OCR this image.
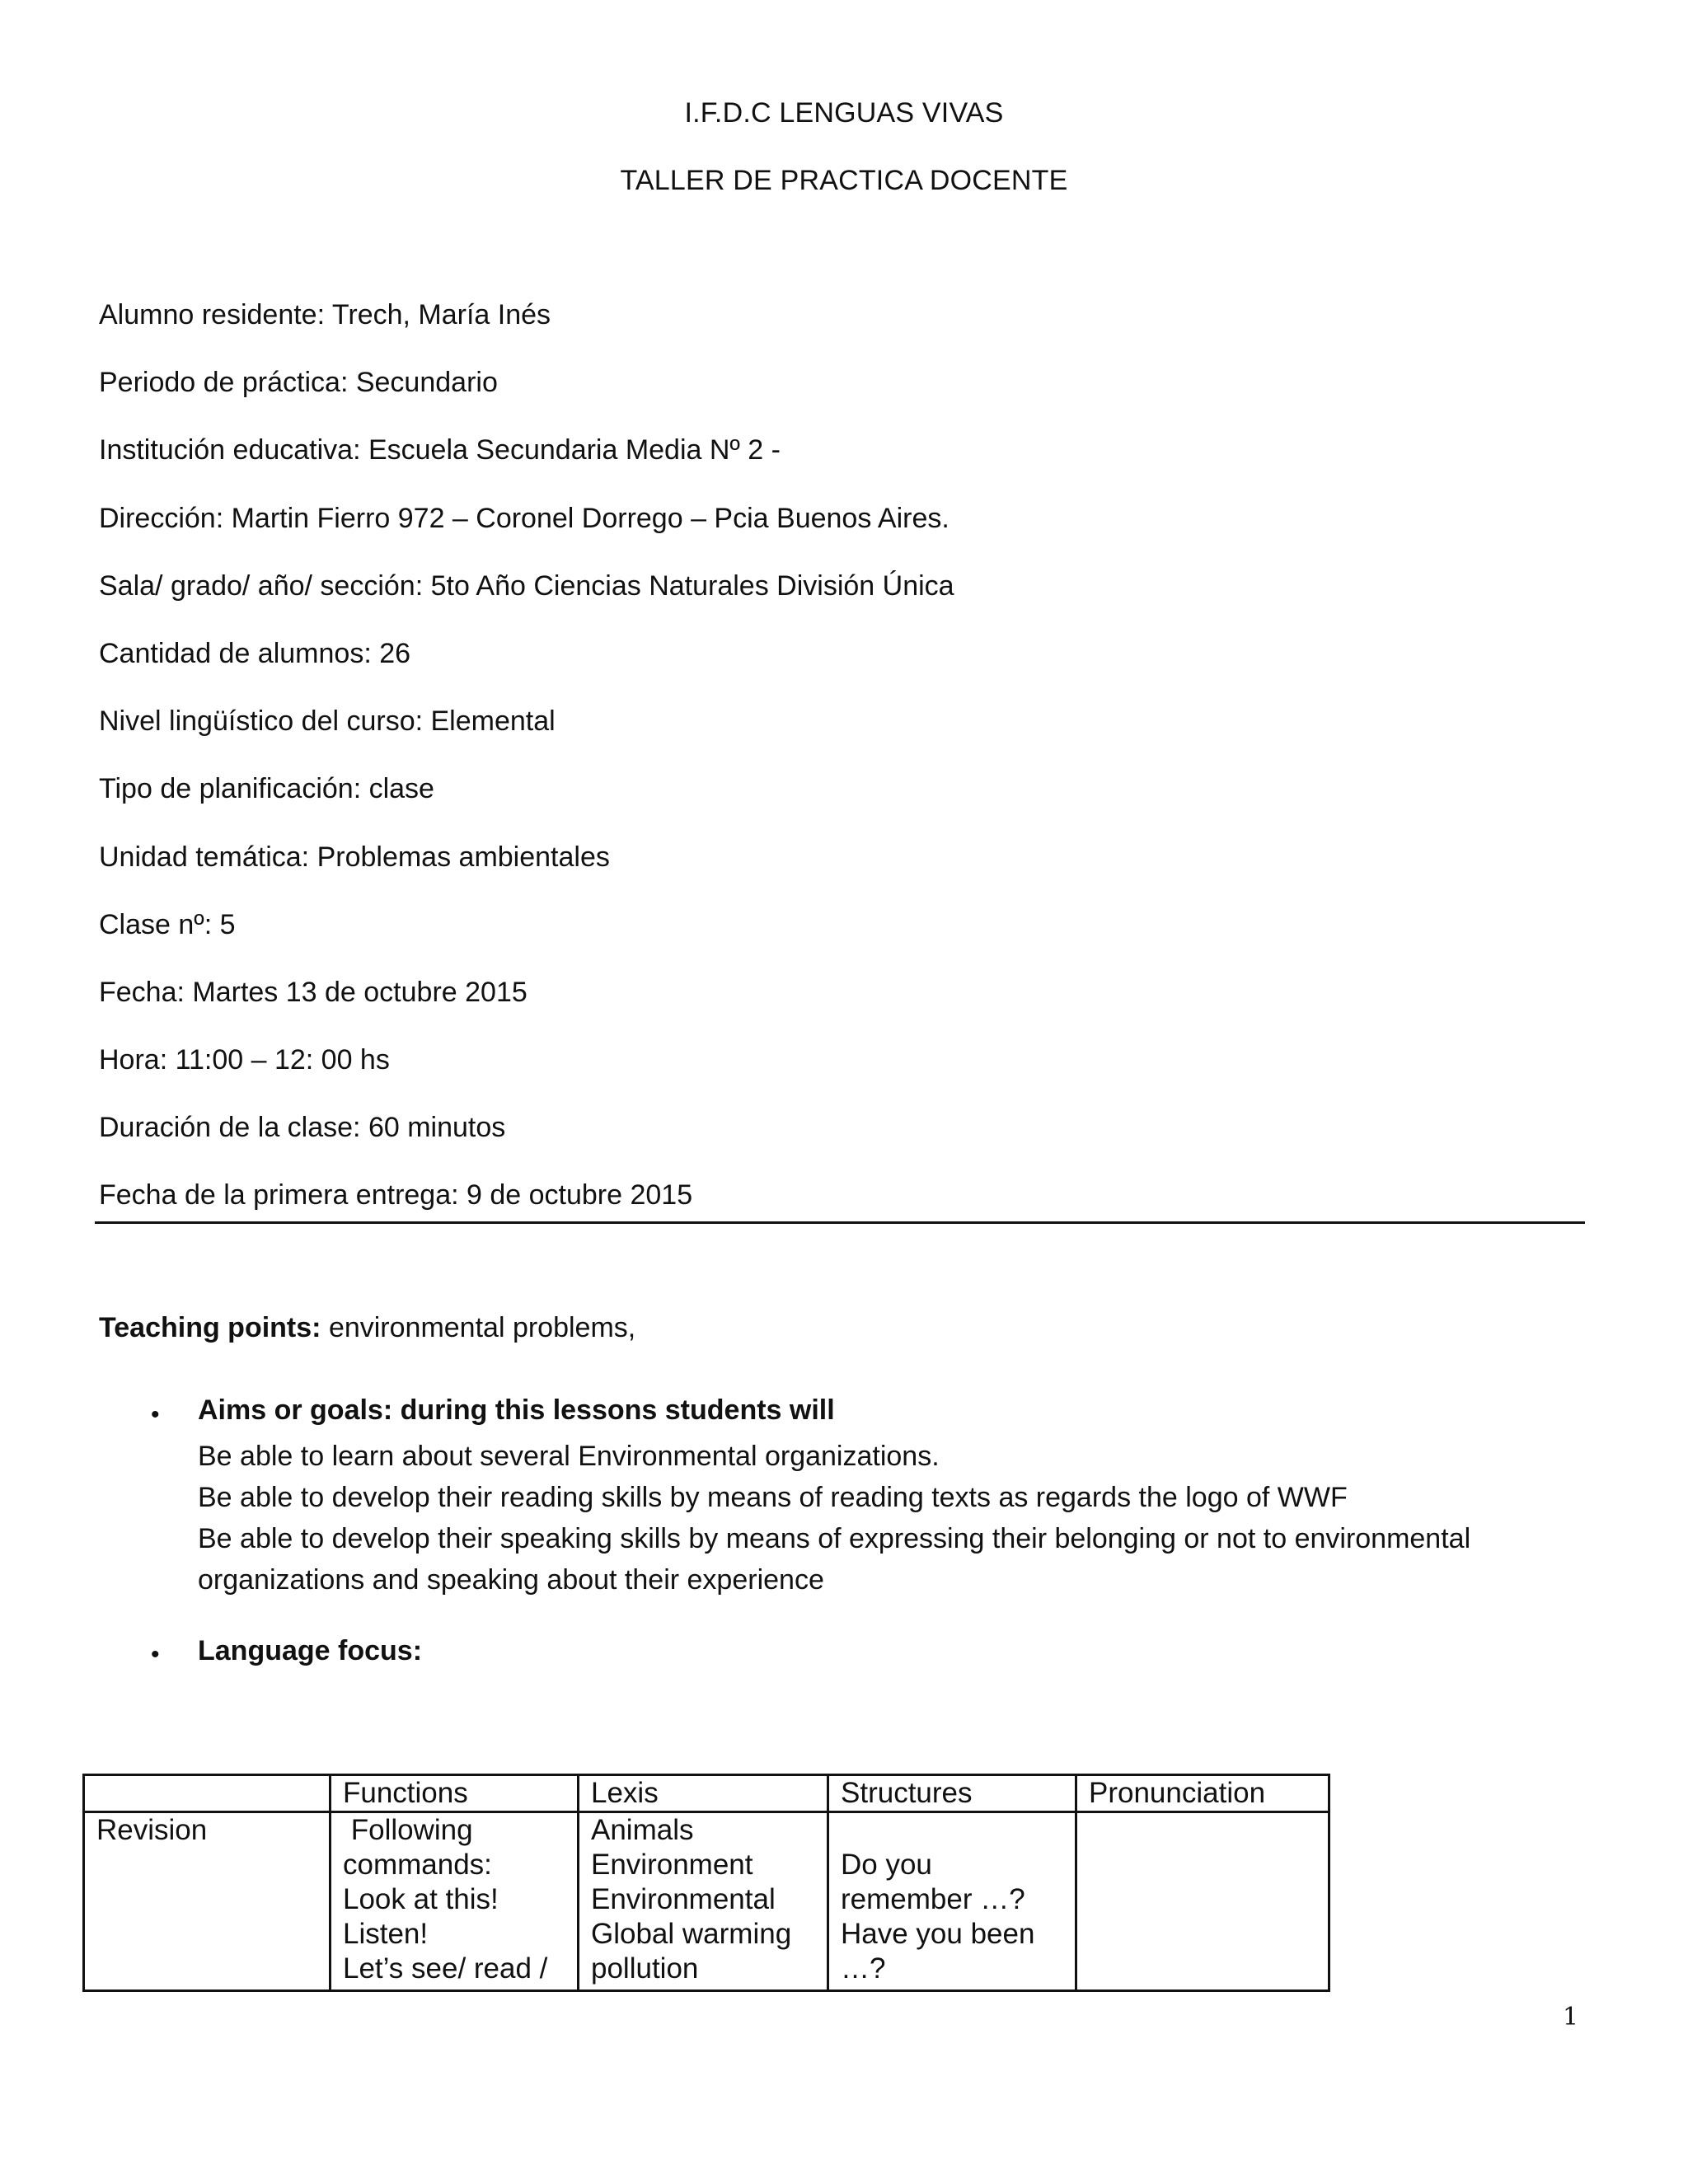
I.F.D.C LENGUAS VIVAS
TALLER DE PRACTICA DOCENTE
Alumno residente: Trech, María Inés
Periodo de práctica: Secundario
Institución educativa: Escuela Secundaria Media Nº 2 -
Dirección: Martin Fierro 972 – Coronel Dorrego – Pcia Buenos Aires.
Sala/ grado/ año/ sección: 5to Año Ciencias Naturales División Única
Cantidad de alumnos: 26
Nivel lingüístico del curso: Elemental
Tipo de planificación: clase
Unidad temática: Problemas ambientales
Clase nº: 5
Fecha: Martes 13 de octubre 2015
Hora: 11:00 – 12: 00 hs
Duración de la clase: 60 minutos
Fecha de la primera entrega: 9 de octubre 2015
Teaching points: environmental problems,
• Aims or goals: during this lessons students will
Be able to learn about several Environmental organizations.
Be able to develop their reading skills by means of reading texts as regards the logo of WWF
Be able to develop their speaking skills by means of expressing their belonging or not to environmental
organizations and speaking about their experience
• Language focus:
	Functions	Lexis	Structures	Pronunciation

Revision	Following
commands:
Look at this!
Listen!
Let’s see/ read /	Animals
Environment
Environmental
Global warming
pollution	Do you
remember …?
Have you been
…?	

1
